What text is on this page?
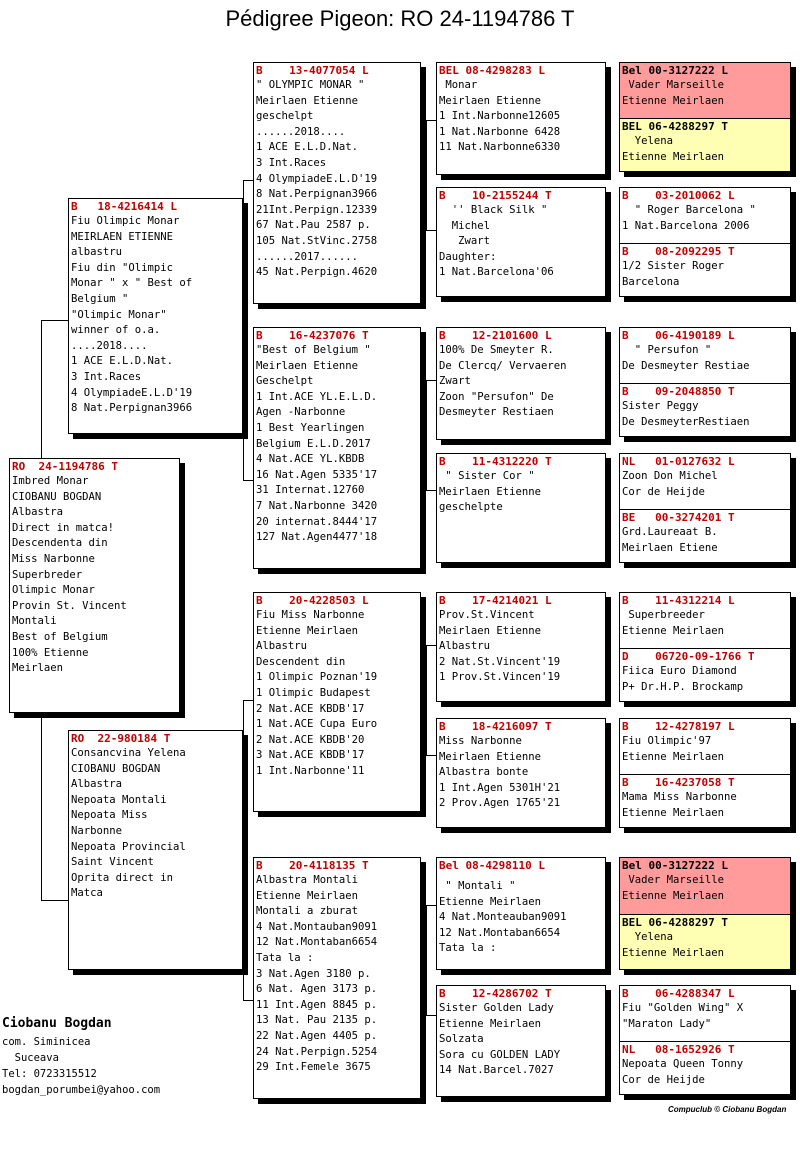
Pédigree Pigeon: RO 24-1194786 T
RO  24-1194786 T
Imbred Monar
CIOBANU BOGDAN
Albastra
Direct in matca!
Descendenta din
Miss Narbonne
Superbreder
Olimpic Monar
Provin St. Vincent
Montali
Best of Belgium
100% Etienne
Meirlaen
B   18-4216414 L
Fiu Olimpic Monar
MEIRLAEN ETIENNE
albastru
Fiu din "Olimpic
Monar " x " Best of
Belgium "
"Olimpic Monar"
winner of o.a.
....2018....
1 ACE E.L.D.Nat.
3 Int.Races
4 OlympiadeE.L.D'19
8 Nat.Perpignan3966
RO  22-980184 T
Consancvina Yelena
CIOBANU BOGDAN
Albastra
Nepoata Montali
Nepoata Miss
Narbonne
Nepoata Provincial
Saint Vincent
Oprita direct in
Matca
B    13-4077054 L
" OLYMPIC MONAR "
Meirlaen Etienne
geschelpt
......2018....
1 ACE E.L.D.Nat.
3 Int.Races
4 OlympiadeE.L.D'19
8 Nat.Perpignan3966
21Int.Perpign.12339
67 Nat.Pau 2587 p.
105 Nat.StVinc.2758
......2017......
45 Nat.Perpign.4620
B    16-4237076 T
"Best of Belgium "
Meirlaen Etienne
Geschelpt
1 Int.ACE YL.E.L.D.
Agen -Narbonne
1 Best Yearlingen
Belgium E.L.D.2017
4 Nat.ACE YL.KBDB
16 Nat.Agen 5335'17
31 Internat.12760
7 Nat.Narbonne 3420
20 internat.8444'17
127 Nat.Agen4477'18
B    20-4228503 L
Fiu Miss Narbonne
Etienne Meirlaen
Albastru
Descendent din
1 Olimpic Poznan'19
1 Olimpic Budapest
2 Nat.ACE KBDB'17
1 Nat.ACE Cupa Euro
2 Nat.ACE KBDB'20
3 Nat.ACE KBDB'17
1 Int.Narbonne'11
B    20-4118135 T
Albastra Montali
Etienne Meirlaen
Montali a zburat
4 Nat.Montauban9091
12 Nat.Montaban6654
Tata la :
3 Nat.Agen 3180 p.
6 Nat. Agen 3173 p.
11 Int.Agen 8845 p.
13 Nat. Pau 2135 p.
22 Nat.Agen 4405 p.
24 Nat.Perpign.5254
29 Int.Femele 3675
BEL 08-4298283 L
Monar
Meirlaen Etienne
1 Int.Narbonne12605
1 Nat.Narbonne 6428
11 Nat.Narbonne6330
B    10-2155244 T
'' Black Silk "
Michel
Zwart
Daughter:
1 Nat.Barcelona'06
B    12-2101600 L
100% De Smeyter R.
De Clercq/ Vervaeren
Zwart
Zoon "Persufon" De
Desmeyter Restiaen
B    11-4312220 T
" Sister Cor "
Meirlaen Etienne
geschelpte
B    17-4214021 L
Prov.St.Vincent
Meirlaen Etienne
Albastru
2 Nat.St.Vincent'19
1 Prov.St.Vincen'19
B    18-4216097 T
Miss Narbonne
Meirlaen Etienne
Albastra bonte
1 Int.Agen 5301H'21
2 Prov.Agen 1765'21
Bel 08-4298110 L
" Montali "
Etienne Meirlaen
4 Nat.Monteauban9091
12 Nat.Montaban6654
Tata la :
B    12-4286702 T
Sister Golden Lady
Etienne Meirlaen
Solzata
Sora cu GOLDEN LADY
14 Nat.Barcel.7027
Bel 00-3127222 L
Vader Marseille
Etienne Meirlaen
BEL 06-4288297 T
Yelena
Etienne Meirlaen
B    03-2010062 L
" Roger Barcelona "
1 Nat.Barcelona 2006
B    08-2092295 T
1/2 Sister Roger
Barcelona
B    06-4190189 L
" Persufon "
De Desmeyter Restiae
B    09-2048850 T
Sister Peggy
De DesmeyterRestiaen
NL   01-0127632 L
Zoon Don Michel
Cor de Heijde
BE   00-3274201 T
Grd.Laureaat B.
Meirlaen Etiene
B    11-4312214 L
Superbreeder
Etienne Meirlaen
D    06720-09-1766 T
Fiica Euro Diamond
P+ Dr.H.P. Brockamp
B    12-4278197 L
Fiu Olimpic'97
Etienne Meirlaen
B    16-4237058 T
Mama Miss Narbonne
Etienne Meirlaen
Bel 00-3127222 L
Vader Marseille
Etienne Meirlaen
BEL 06-4288297 T
Yelena
Etienne Meirlaen
B    06-4288347 L
Fiu "Golden Wing" X
"Maraton Lady"
NL   08-1652926 T
Nepoata Queen Tonny
Cor de Heijde
Ciobanu Bogdan
com. Siminicea
Suceava
Tel: 0723315512
bogdan_porumbei@yahoo.com
Compuclub © Ciobanu Bogdan
